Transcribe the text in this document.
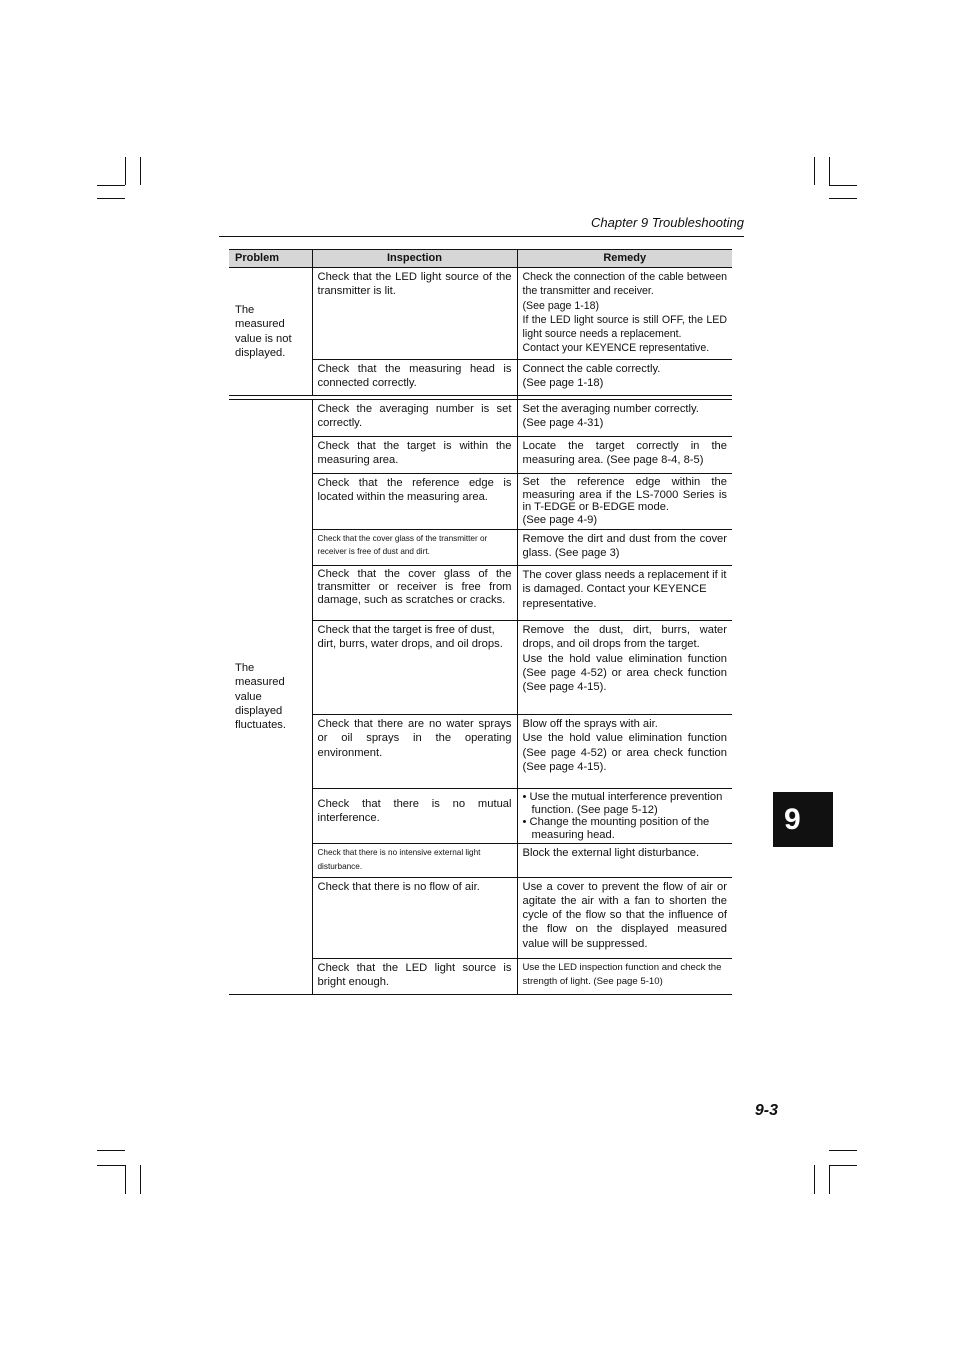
Chapter 9 Troubleshooting
Problem	Inspection	Remedy
The measured value is not displayed.	Check that the LED light source of the transmitter is lit.	Check the connection of the cable between the transmitter and receiver.
(See page 1-18)
If the LED light source is still OFF, the LED light source needs a replacement.
Contact your KEYENCE representative.

	Check that the measuring head is connected correctly.	Connect the cable correctly.
(See page 1-18)

The measured value displayed fluctuates.	Check the averaging number is set correctly.	Set the averaging number correctly.
(See page 4-31)

	Check that the target is within the measuring area.	Locate the target correctly in the measuring area. (See page 8-4, 8-5)

	Check that the reference edge is located within the measuring area.	Set the reference edge within the measuring area if the LS-7000 Series is in T-EDGE or B-EDGE mode.
(See page 4-9)

	Check that the cover glass of the transmitter or receiver is free of dust and dirt.	Remove the dirt and dust from the cover glass. (See page 3)

	Check that the cover glass of the transmitter or receiver is free from damage, such as scratches or cracks.	The cover glass needs a replacement if it is damaged. Contact your KEYENCE representative.

	Check that the target is free of dust, dirt, burrs, water drops, and oil drops.	Remove the dust, dirt, burrs, water drops, and oil drops from the target.
Use the hold value elimination function (See page 4-52) or area check function (See page 4-15).

	Check that there are no water sprays or oil sprays in the operating environment.	Blow off the sprays with air.
Use the hold value elimination function (See page 4-52) or area check function (See page 4-15).

	Check that there is no mutual interference.	• Use the mutual interference prevention function. (See page 5-12)
• Change the mounting position of the measuring head.

	Check that there is no intensive external light disturbance.	Block the external light disturbance.

	Check that there is no flow of air.	Use a cover to prevent the flow of air or agitate the air with a fan to shorten the cycle of the flow so that the influence of the flow on the displayed measured value will be suppressed.

	Check that the LED light source is bright enough.	Use the LED inspection function and check the strength of light. (See page 5-10)
9
9-3
